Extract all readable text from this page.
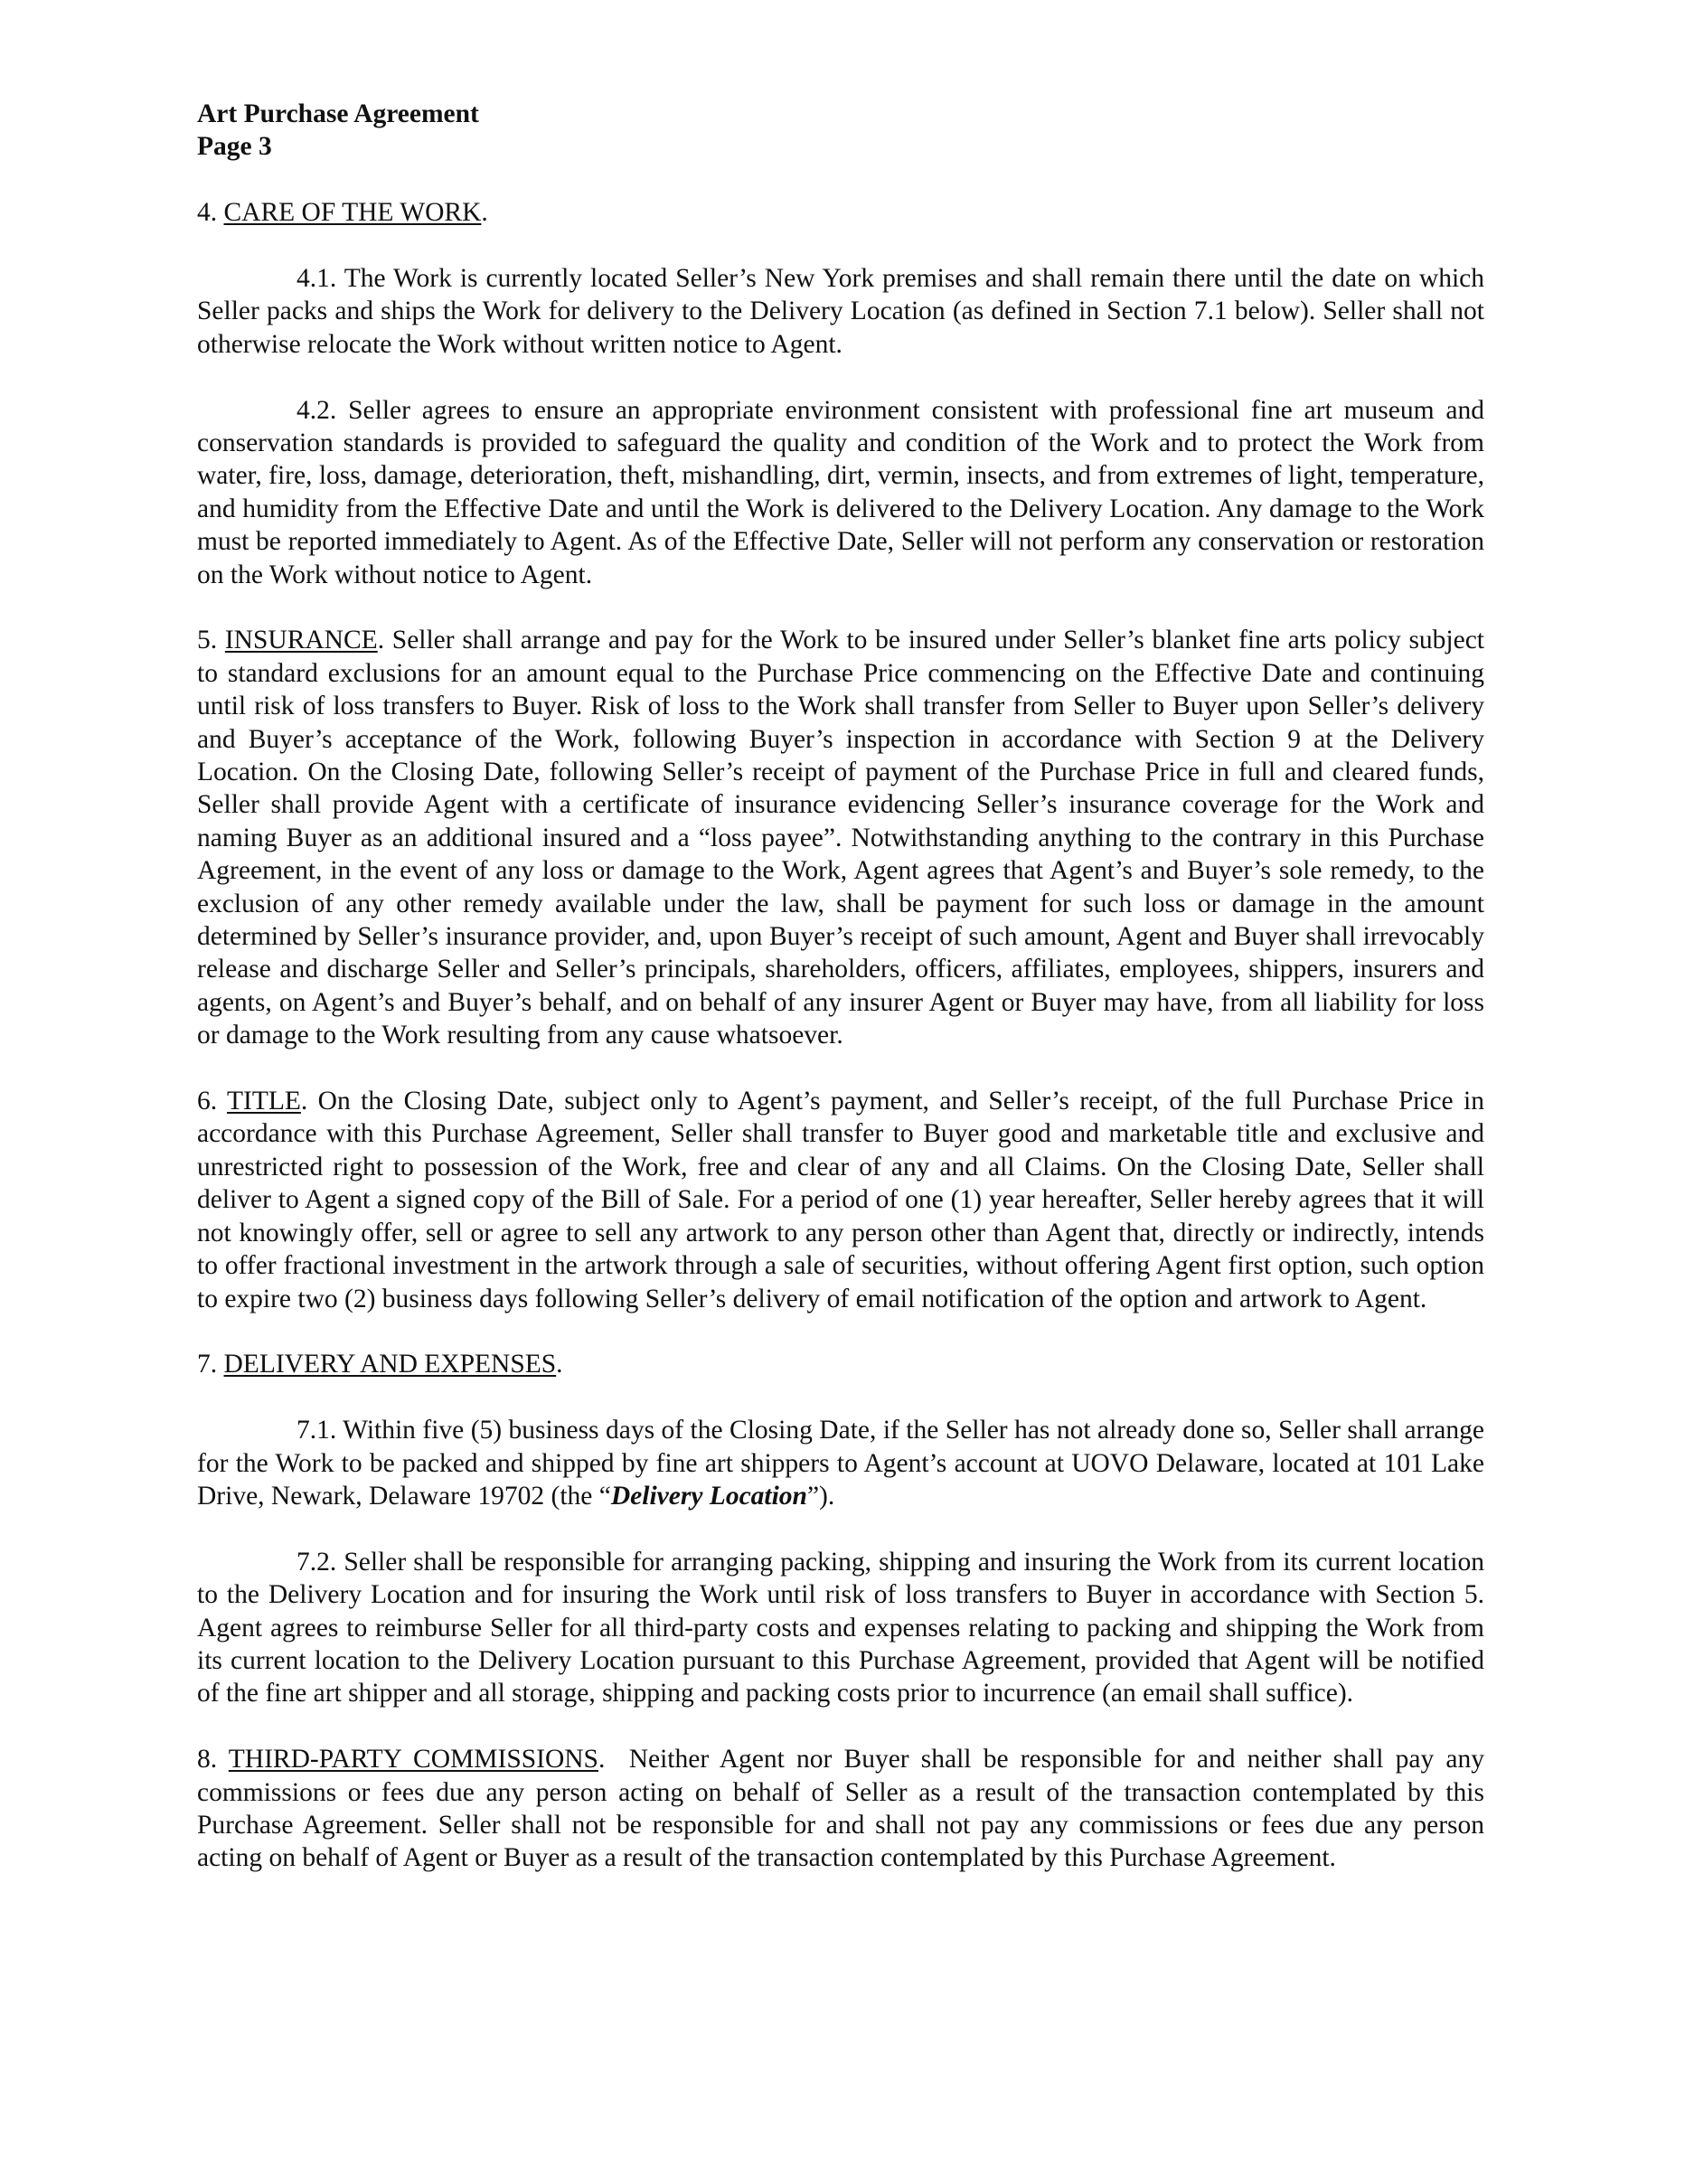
Art Purchase Agreement
Page 3

4. CARE OF THE WORK.

4.1. The Work is currently located Seller’s New York premises and shall remain there until the date on which Seller packs and ships the Work for delivery to the Delivery Location (as defined in Section 7.1 below). Seller shall not otherwise relocate the Work without written notice to Agent.

4.2. Seller agrees to ensure an appropriate environment consistent with professional fine art museum and conservation standards is provided to safeguard the quality and condition of the Work and to protect the Work from water, fire, loss, damage, deterioration, theft, mishandling, dirt, vermin, insects, and from extremes of light, temperature, and humidity from the Effective Date and until the Work is delivered to the Delivery Location. Any damage to the Work must be reported immediately to Agent. As of the Effective Date, Seller will not perform any conservation or restoration on the Work without notice to Agent.

5. INSURANCE. Seller shall arrange and pay for the Work to be insured under Seller’s blanket fine arts policy subject to standard exclusions for an amount equal to the Purchase Price commencing on the Effective Date and continuing until risk of loss transfers to Buyer. Risk of loss to the Work shall transfer from Seller to Buyer upon Seller’s delivery and Buyer’s acceptance of the Work, following Buyer’s inspection in accordance with Section 9 at the Delivery Location. On the Closing Date, following Seller’s receipt of payment of the Purchase Price in full and cleared funds, Seller shall provide Agent with a certificate of insurance evidencing Seller’s insurance coverage for the Work and naming Buyer as an additional insured and a “loss payee”. Notwithstanding anything to the contrary in this Purchase Agreement, in the event of any loss or damage to the Work, Agent agrees that Agent’s and Buyer’s sole remedy, to the exclusion of any other remedy available under the law, shall be payment for such loss or damage in the amount determined by Seller’s insurance provider, and, upon Buyer’s receipt of such amount, Agent and Buyer shall irrevocably release and discharge Seller and Seller’s principals, shareholders, officers, affiliates, employees, shippers, insurers and agents, on Agent’s and Buyer’s behalf, and on behalf of any insurer Agent or Buyer may have, from all liability for loss or damage to the Work resulting from any cause whatsoever.

6. TITLE. On the Closing Date, subject only to Agent’s payment, and Seller’s receipt, of the full Purchase Price in accordance with this Purchase Agreement, Seller shall transfer to Buyer good and marketable title and exclusive and unrestricted right to possession of the Work, free and clear of any and all Claims. On the Closing Date, Seller shall deliver to Agent a signed copy of the Bill of Sale. For a period of one (1) year hereafter, Seller hereby agrees that it will not knowingly offer, sell or agree to sell any artwork to any person other than Agent that, directly or indirectly, intends to offer fractional investment in the artwork through a sale of securities, without offering Agent first option, such option to expire two (2) business days following Seller’s delivery of email notification of the option and artwork to Agent.

7. DELIVERY AND EXPENSES.

7.1. Within five (5) business days of the Closing Date, if the Seller has not already done so, Seller shall arrange for the Work to be packed and shipped by fine art shippers to Agent’s account at UOVO Delaware, located at 101 Lake Drive, Newark, Delaware 19702 (the “Delivery Location”).

7.2. Seller shall be responsible for arranging packing, shipping and insuring the Work from its current location to the Delivery Location and for insuring the Work until risk of loss transfers to Buyer in accordance with Section 5. Agent agrees to reimburse Seller for all third-party costs and expenses relating to packing and shipping the Work from its current location to the Delivery Location pursuant to this Purchase Agreement, provided that Agent will be notified of the fine art shipper and all storage, shipping and packing costs prior to incurrence (an email shall suffice).

8. THIRD-PARTY COMMISSIONS.  Neither Agent nor Buyer shall be responsible for and neither shall pay any commissions or fees due any person acting on behalf of Seller as a result of the transaction contemplated by this Purchase Agreement. Seller shall not be responsible for and shall not pay any commissions or fees due any person acting on behalf of Agent or Buyer as a result of the transaction contemplated by this Purchase Agreement.
